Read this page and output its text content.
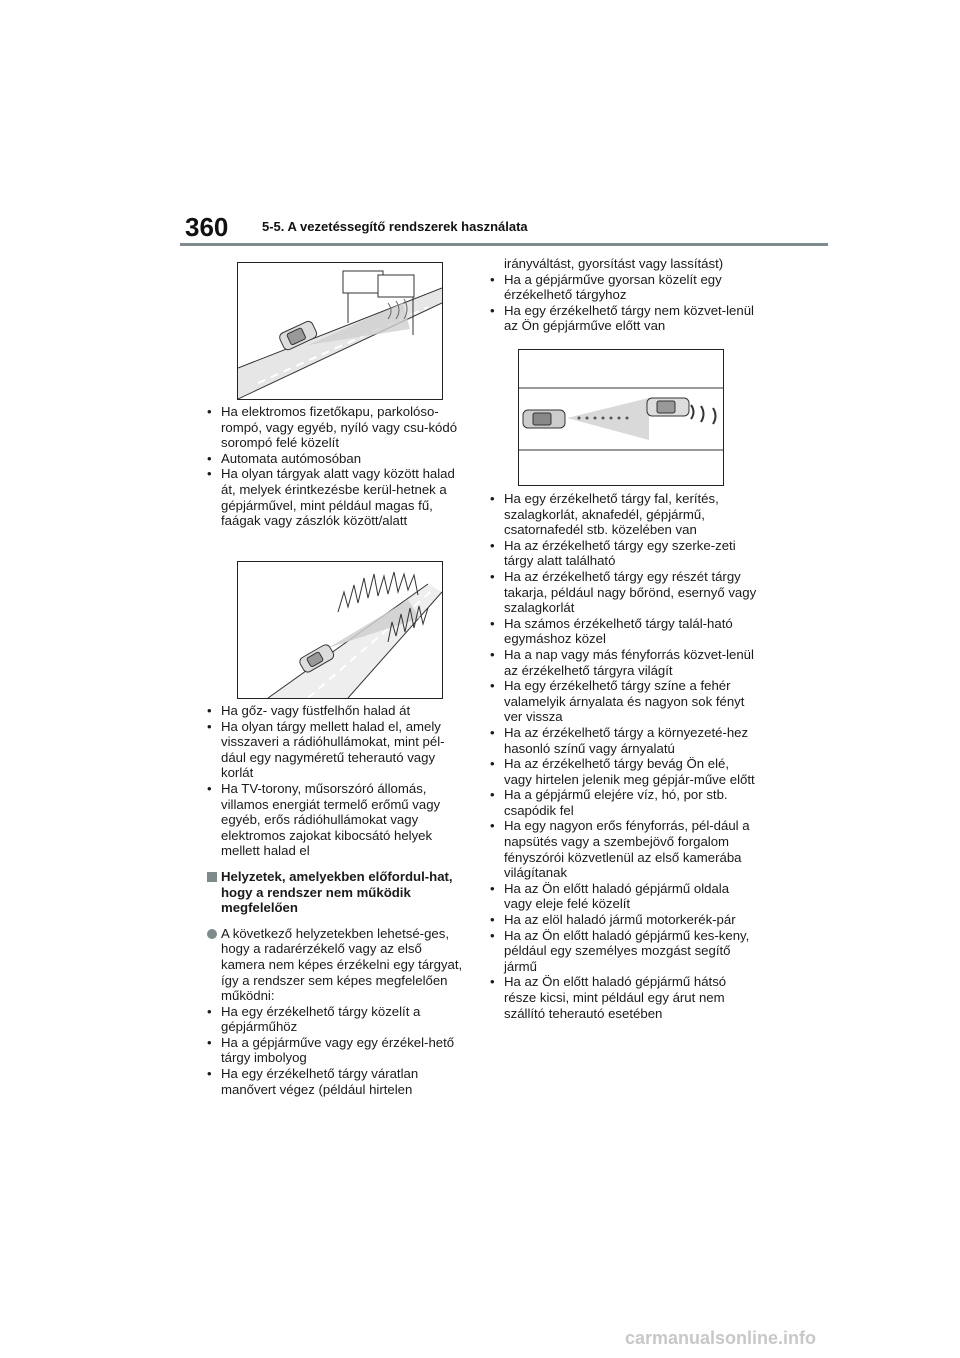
360	5-5. A vezetéssegítő rendszerek használata
• Ha elektromos fizetőkapu, parkolóso-rompó, vagy egyéb, nyíló vagy csu-kódó sorompó felé közelít
• Automata autómosóban
• Ha olyan tárgyak alatt vagy között halad át, melyek érintkezésbe kerül-hetnek a gépjárművel, mint például magas fű, faágak vagy zászlók között/alatt
• Ha gőz- vagy füstfelhőn halad át
• Ha olyan tárgy mellett halad el, amely visszaveri a rádióhullámokat, mint pél-dául egy nagyméretű teherautó vagy korlát
• Ha TV-torony, műsorszóró állomás, villamos energiát termelő erőmű vagy egyéb, erős rádióhullámokat vagy elektromos zajokat kibocsátó helyek mellett halad el
Helyzetek, amelyekben előfordul-hat, hogy a rendszer nem működik megfelelően
A következő helyzetekben lehetsé-ges, hogy a radarérzékelő vagy az első kamera nem képes érzékelni egy tárgyat, így a rendszer sem képes megfelelően működni:
• Ha egy érzékelhető tárgy közelít a gépjárműhöz
• Ha a gépjárműve vagy egy érzékel-hető tárgy imbolyog
• Ha egy érzékelhető tárgy váratlan manővert végez (például hirtelen
irányváltást, gyorsítást vagy lassítást)
• Ha a gépjárműve gyorsan közelít egy érzékelhető tárgyhoz
• Ha egy érzékelhető tárgy nem közvet-lenül az Ön gépjárműve előtt van
• Ha egy érzékelhető tárgy fal, kerítés, szalagkorlát, aknafedél, gépjármű, csatornafedél stb. közelében van
• Ha az érzékelhető tárgy egy szerke-zeti tárgy alatt található
• Ha az érzékelhető tárgy egy részét tárgy takarja, például nagy bőrönd, esernyő vagy szalagkorlát
• Ha számos érzékelhető tárgy talál-ható egymáshoz közel
• Ha a nap vagy más fényforrás közvet-lenül az érzékelhető tárgyra világít
• Ha egy érzékelhető tárgy színe a fehér valamelyik árnyalata és nagyon sok fényt ver vissza
• Ha az érzékelhető tárgy a környezeté-hez hasonló színű vagy árnyalatú
• Ha az érzékelhető tárgy bevág Ön elé, vagy hirtelen jelenik meg gépjár-műve előtt
• Ha a gépjármű elejére víz, hó, por stb. csapódik fel
• Ha egy nagyon erős fényforrás, pél-dául a napsütés vagy a szembejövő forgalom fényszórói közvetlenül az első kamerába világítanak
• Ha az Ön előtt haladó gépjármű oldala vagy eleje felé közelít
• Ha az elöl haladó jármű motorkerék-pár
• Ha az Ön előtt haladó gépjármű kes-keny, például egy személyes mozgást segítő jármű
• Ha az Ön előtt haladó gépjármű hátsó része kicsi, mint például egy árut nem szállító teherautó esetében
carmanualsonline.info
